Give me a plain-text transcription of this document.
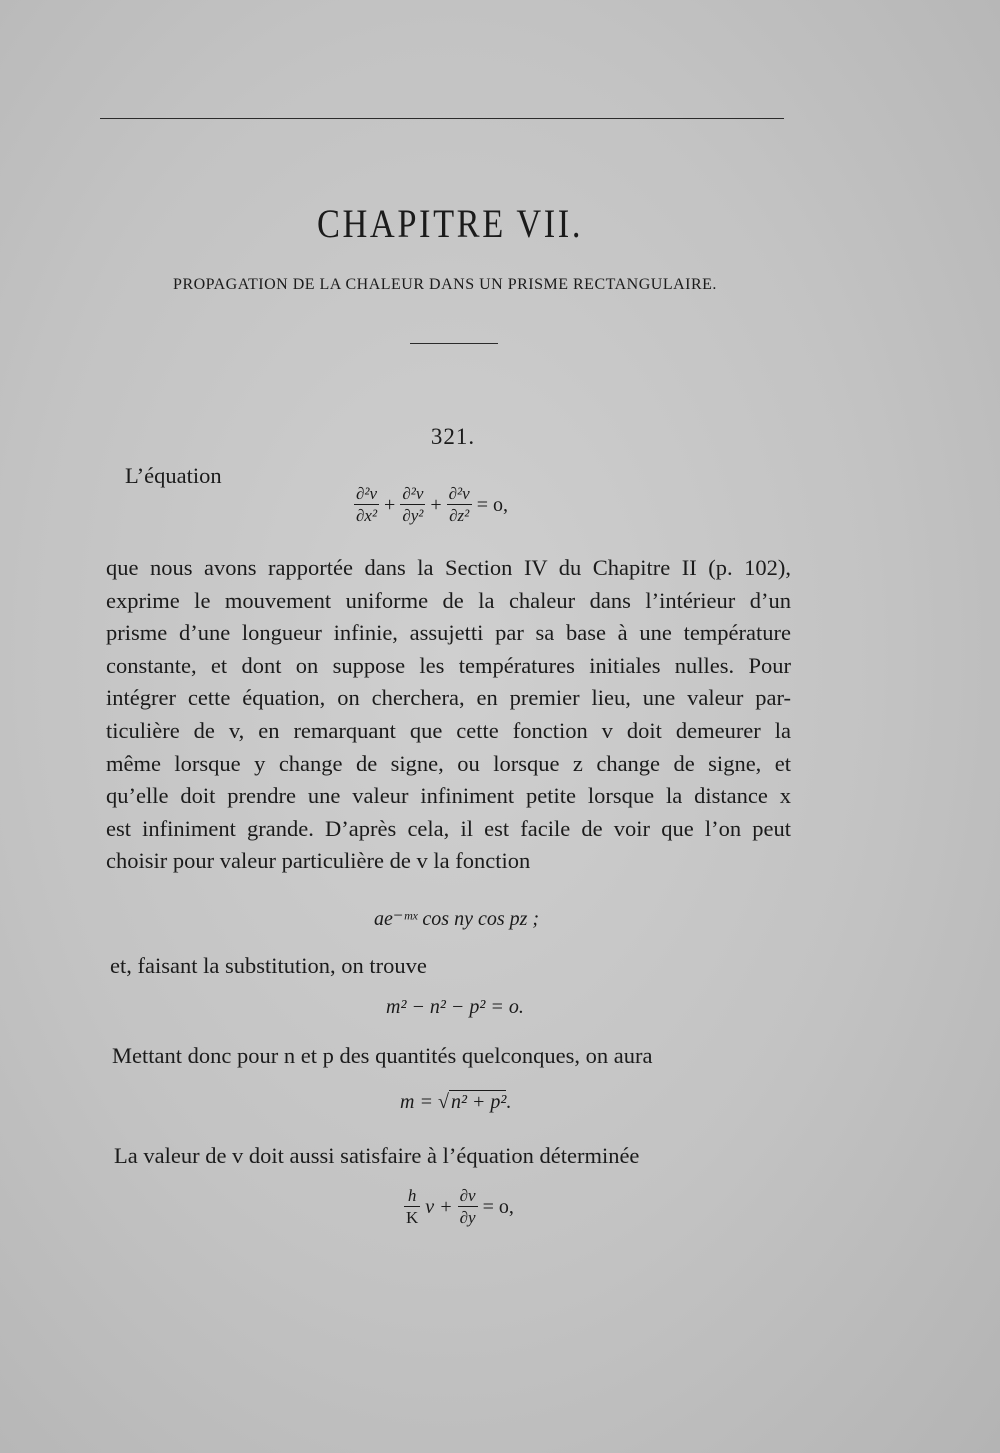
CHAPITRE VII.
PROPAGATION DE LA CHALEUR DANS UN PRISME RECTANGULAIRE.
321.
L’équation
$\frac{\text{∂²v}}{\text{∂x²}} + \frac{\text{∂²v}}{\text{∂y²}} + \frac{\text{∂²v}}{\text{∂z²}} = o$,
que nous avons rapportée dans la Section IV du Chapitre II (p. 102),
exprime le mouvement uniforme de la chaleur dans l’intérieur d’un
prisme d’une longueur infinie, assujetti par sa base à une température
constante, et dont on suppose les températures initiales nulles. Pour
intégrer cette équation, on cherchera, en premier lieu, une valeur par-
ticulière de v, en remarquant que cette fonction v doit demeurer la
même lorsque y change de signe, ou lorsque z change de signe, et
qu’elle doit prendre une valeur infiniment petite lorsque la distance x
est infiniment grande. D’après cela, il est facile de voir que l’on peut
choisir pour valeur particulière de v la fonction
ae⁻ᵐˣ cos ny cos pz ;
et, faisant la substitution, on trouve
m² − n² − p² = o.
Mettant donc pour n et p des quantités quelconques, on aura
m = √ n² + p².
La valeur de v doit aussi satisfaire à l’équation déterminée
$\frac{h}{K}$ $v + \frac{\partial v}{\partial y} = o$,
